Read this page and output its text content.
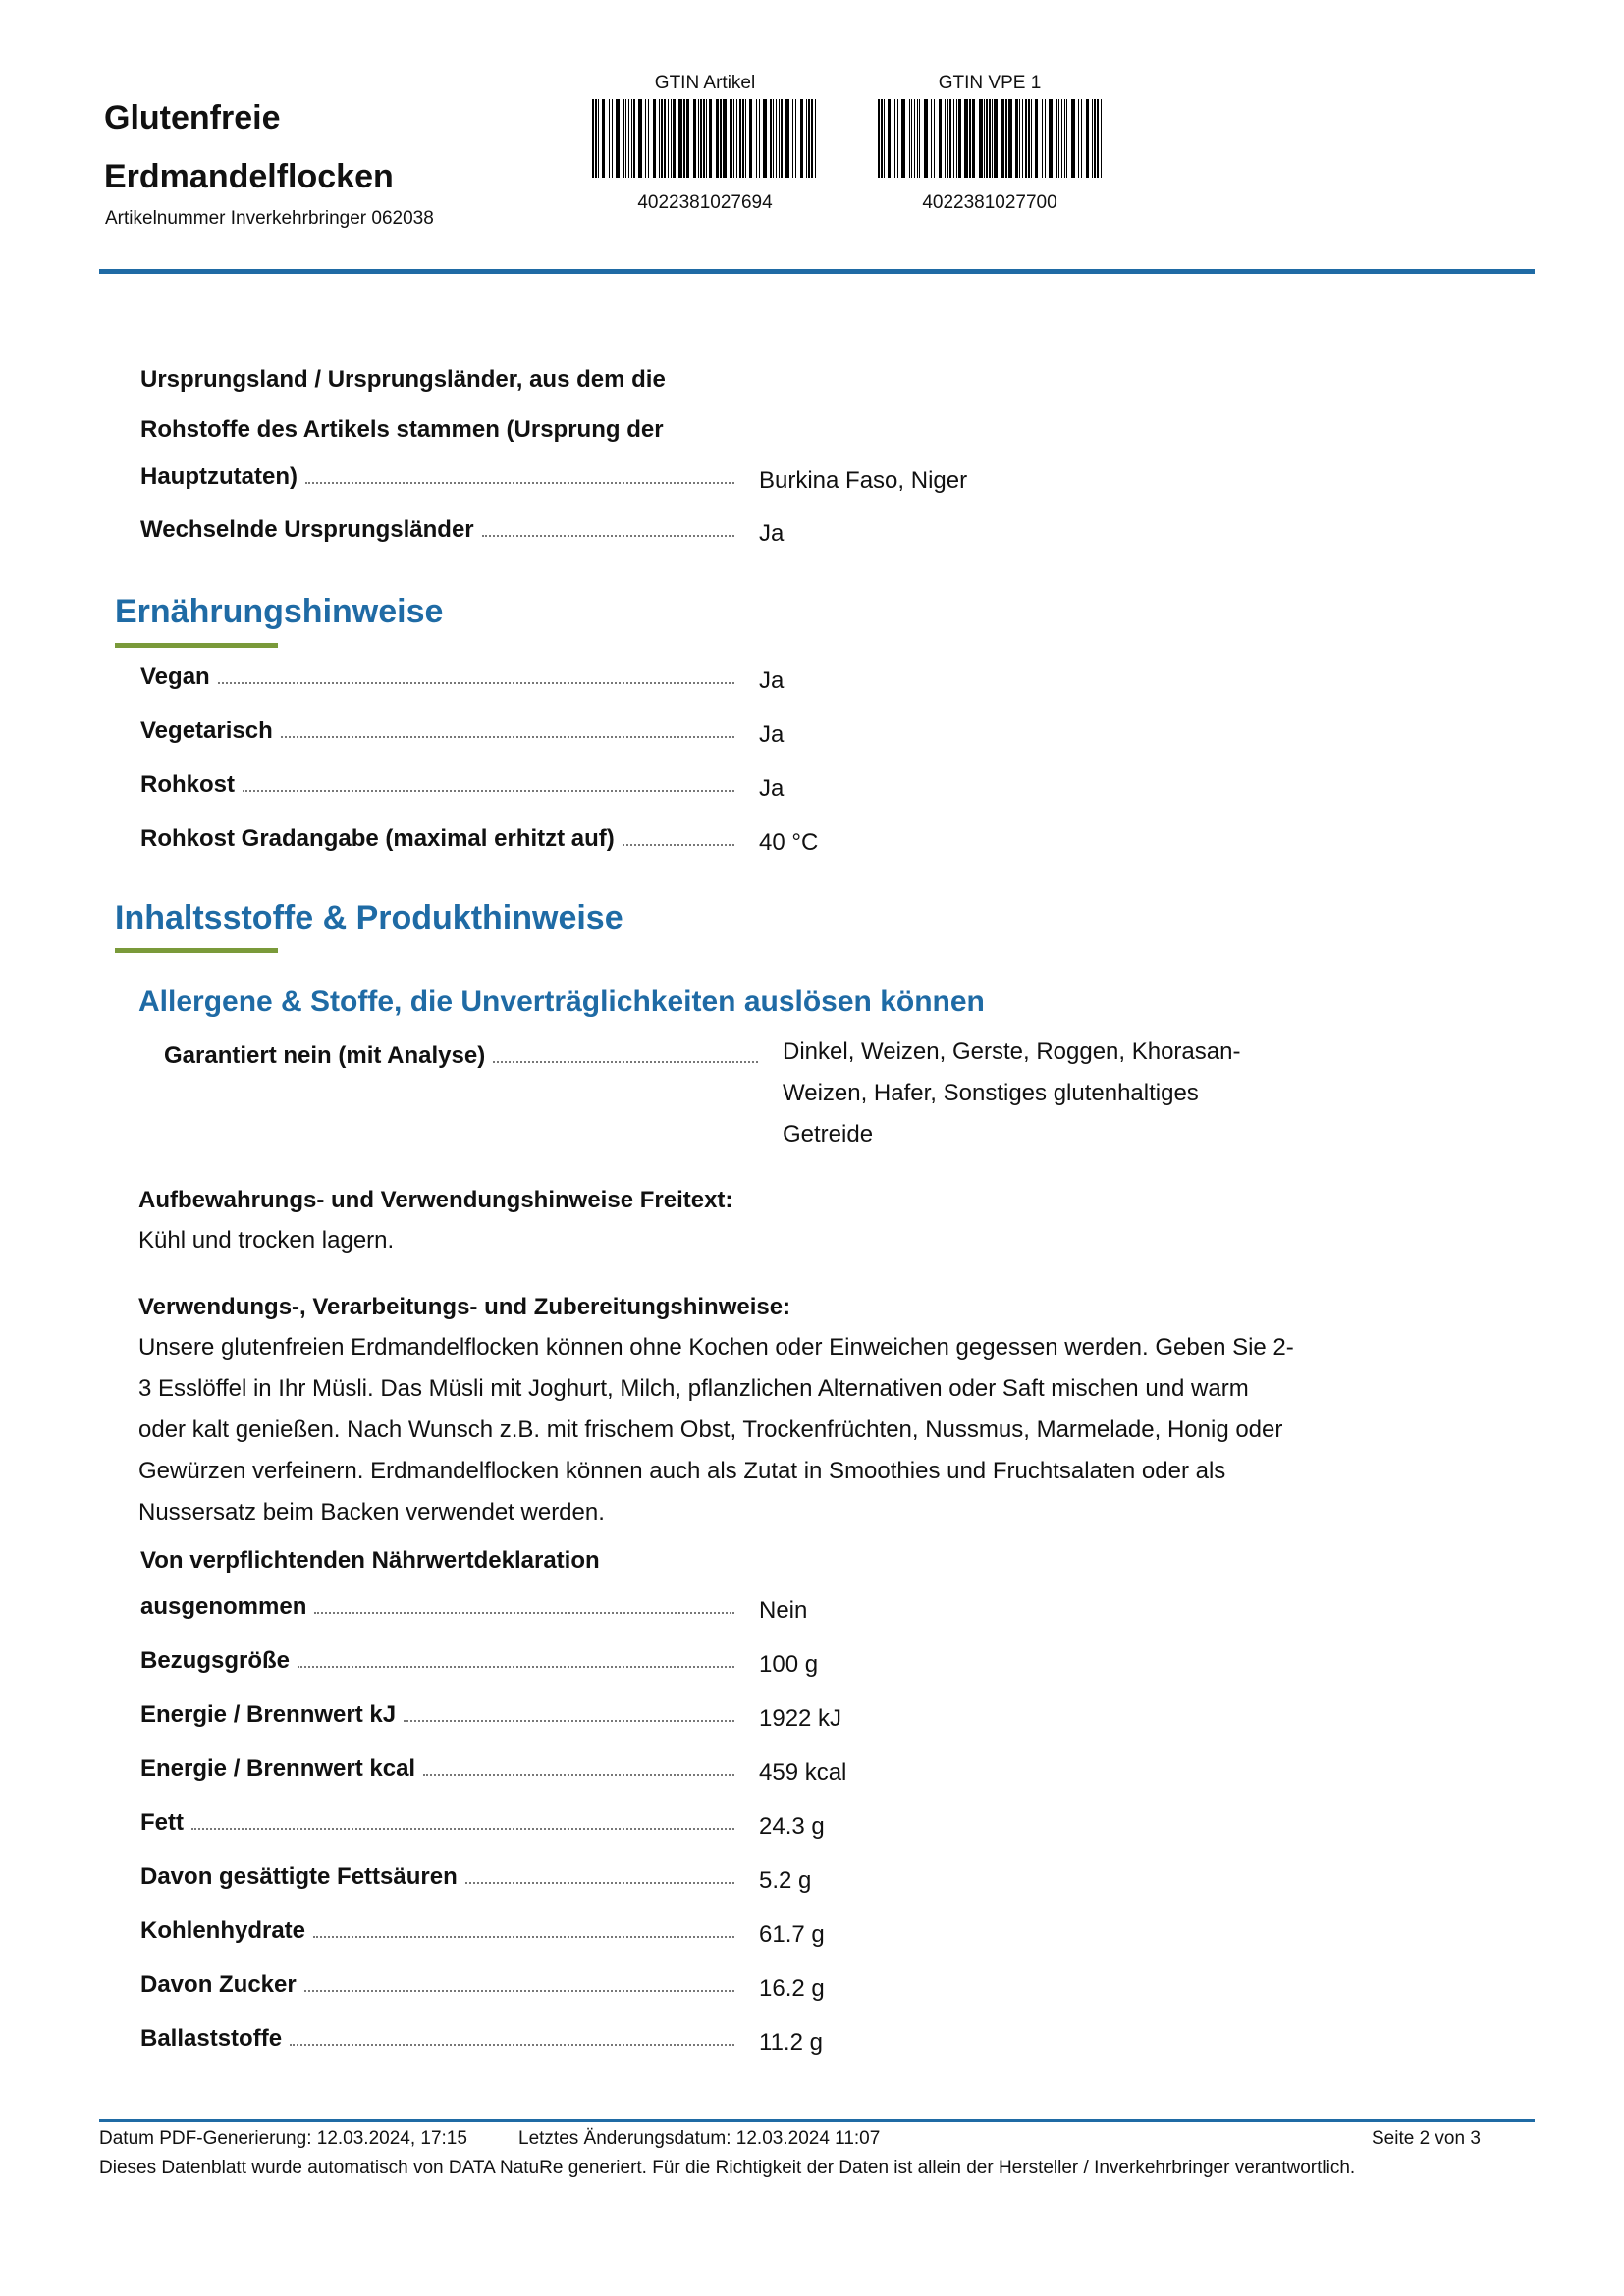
Glutenfreie
Erdmandelflocken
Artikelnummer Inverkehrbringer 062038
GTIN Artikel
4022381027694
GTIN VPE 1
4022381027700
Ursprungsland / Ursprungsländer, aus dem die
Rohstoffe des Artikels stammen (Ursprung der
Hauptzutaten)	Burkina Faso, Niger
Wechselnde Ursprungsländer	Ja
Ernährungshinweise
Vegan	Ja
Vegetarisch	Ja
Rohkost	Ja
Rohkost Gradangabe (maximal erhitzt auf)	40 °C
Inhaltsstoffe & Produkthinweise
Allergene & Stoffe, die Unverträglichkeiten auslösen können
Garantiert nein (mit Analyse)	Dinkel, Weizen, Gerste, Roggen, Khorasan-
Weizen, Hafer, Sonstiges glutenhaltiges
Getreide
Aufbewahrungs- und Verwendungshinweise Freitext:
Kühl und trocken lagern.
Verwendungs-, Verarbeitungs- und Zubereitungshinweise:
Unsere glutenfreien Erdmandelflocken können ohne Kochen oder Einweichen gegessen werden. Geben Sie 2-
3 Esslöffel in Ihr Müsli. Das Müsli mit Joghurt, Milch, pflanzlichen Alternativen oder Saft mischen und warm
oder kalt genießen. Nach Wunsch z.B. mit frischem Obst, Trockenfrüchten, Nussmus, Marmelade, Honig oder
Gewürzen verfeinern. Erdmandelflocken können auch als Zutat in Smoothies und Fruchtsalaten oder als
Nussersatz beim Backen verwendet werden.
Von verpflichtenden Nährwertdeklaration
ausgenommen	Nein
Bezugsgröße	100 g
Energie / Brennwert kJ	1922 kJ
Energie / Brennwert kcal	459 kcal
Fett	24.3 g
Davon gesättigte Fettsäuren	5.2 g
Kohlenhydrate	61.7 g
Davon Zucker	16.2 g
Ballaststoffe	11.2 g
Datum PDF-Generierung: 12.03.2024, 17:15	Letztes Änderungsdatum: 12.03.2024 11:07	Seite 2 von 3
Dieses Datenblatt wurde automatisch von DATA NatuRe generiert. Für die Richtigkeit der Daten ist allein der Hersteller / Inverkehrbringer verantwortlich.
